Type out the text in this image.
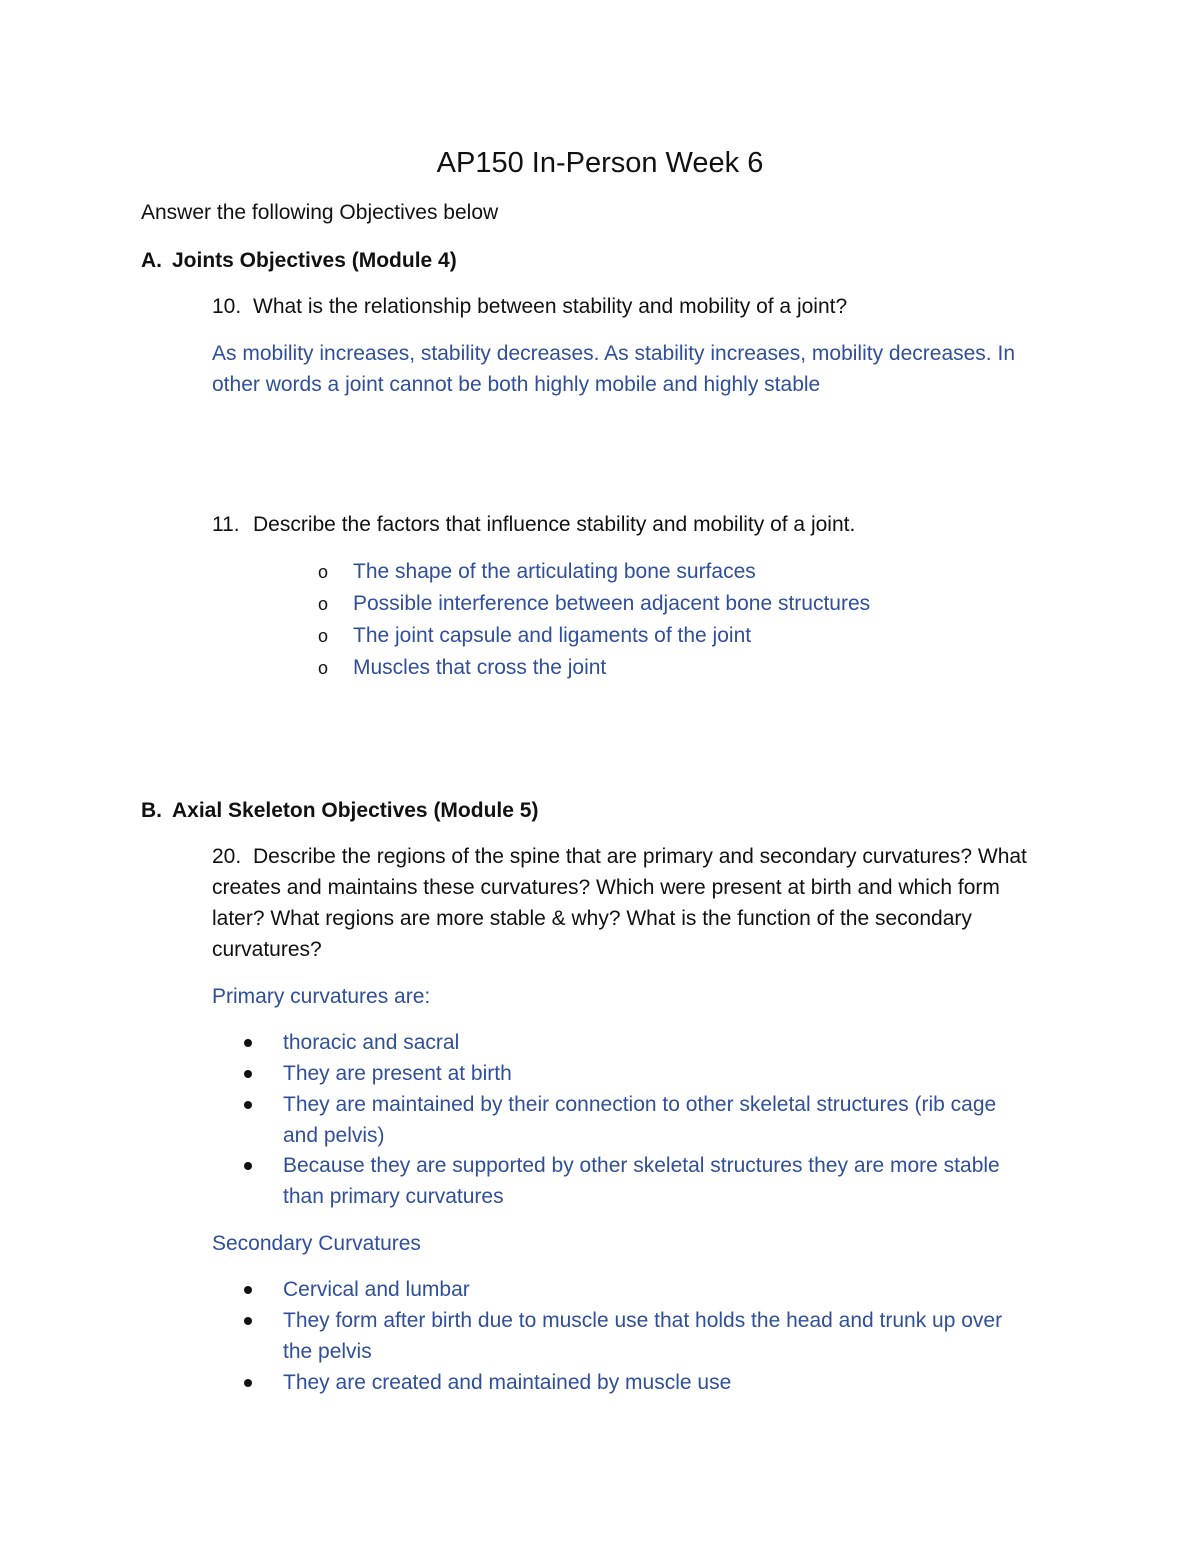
AP150 In-Person Week 6
Answer the following Objectives below
A. Joints Objectives (Module 4)
10. What is the relationship between stability and mobility of a joint?
As mobility increases, stability decreases. As stability increases, mobility decreases. In
other words a joint cannot be both highly mobile and highly stable
11. Describe the factors that influence stability and mobility of a joint.
o The shape of the articulating bone surfaces
o Possible interference between adjacent bone structures
o The joint capsule and ligaments of the joint
o Muscles that cross the joint
B. Axial Skeleton Objectives (Module 5)
20. Describe the regions of the spine that are primary and secondary curvatures? What
creates and maintains these curvatures? Which were present at birth and which form
later? What regions are more stable & why? What is the function of the secondary
curvatures?
Primary curvatures are:
thoracic and sacral
They are present at birth
They are maintained by their connection to other skeletal structures (rib cage
and pelvis)
Because they are supported by other skeletal structures they are more stable
than primary curvatures
Secondary Curvatures
Cervical and lumbar
They form after birth due to muscle use that holds the head and trunk up over
the pelvis
They are created and maintained by muscle use
